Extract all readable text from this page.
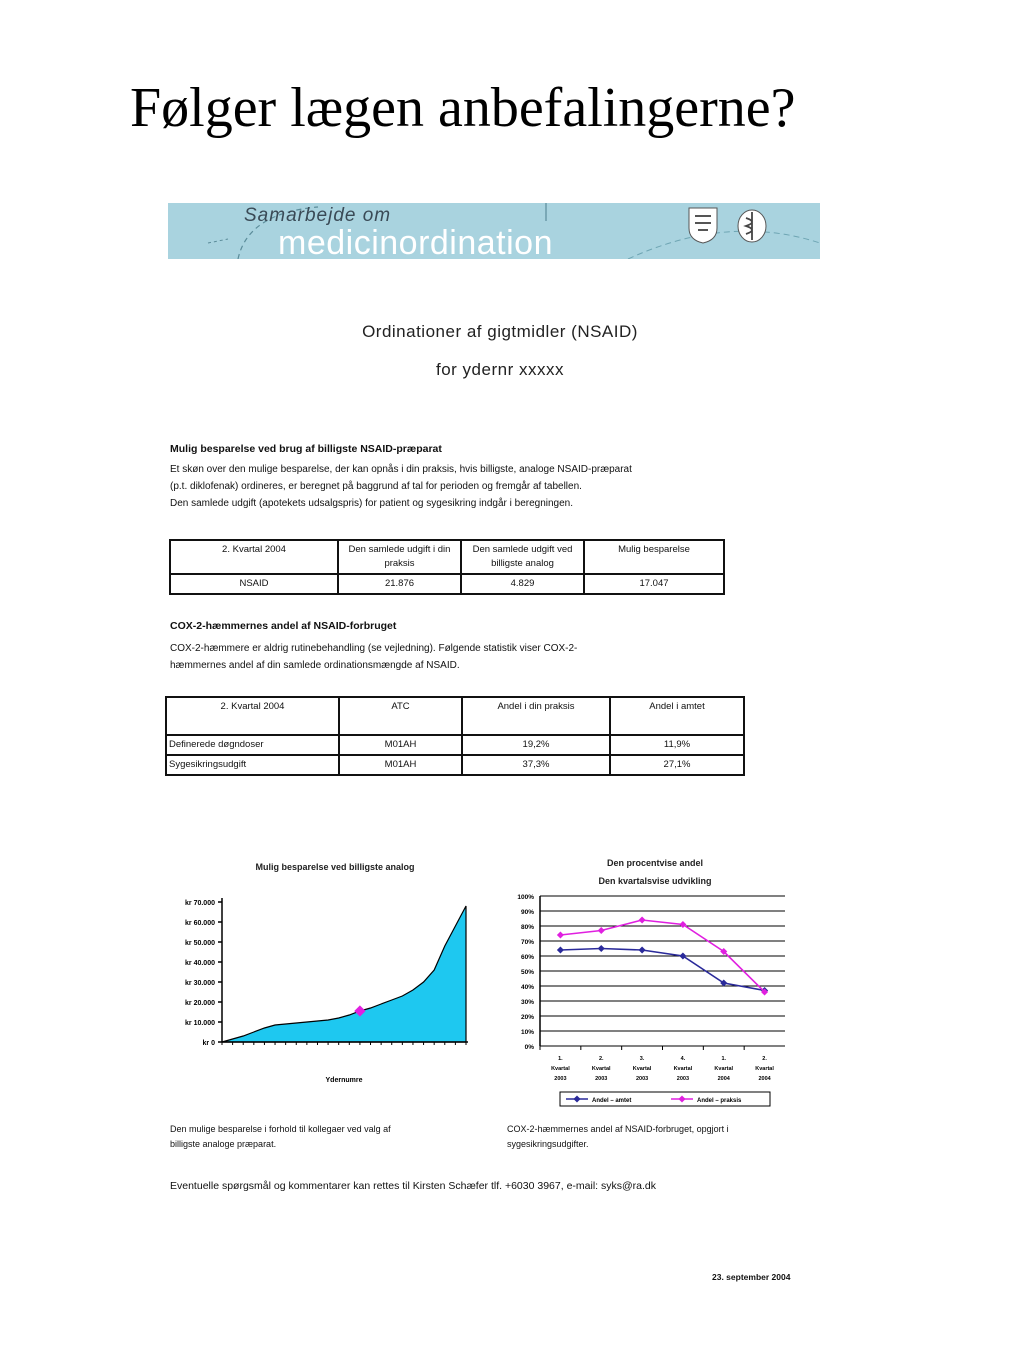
Følger lægen anbefalingerne?
Samarbejde om
medicinordination
Ordinationer af gigtmidler (NSAID)
for ydernr xxxxx
Mulig besparelse ved brug af billigste NSAID-præparat
Et skøn over den mulige besparelse, der kan opnås i din praksis, hvis billigste, analoge NSAID-præparat
(p.t. diklofenak) ordineres, er beregnet på baggrund af tal for perioden og fremgår af tabellen.
Den samlede udgift (apotekets udsalgspris) for patient og sygesikring indgår i beregningen.
2. Kvartal 2004	Den samlede udgift i din praksis	Den samlede udgift ved billigste analog	Mulig besparelse
NSAID	21.876	4.829	17.047
COX-2-hæmmernes andel af NSAID-forbruget
COX-2-hæmmere er aldrig rutinebehandling (se vejledning). Følgende statistik viser COX-2-
hæmmernes andel af din samlede ordinationsmængde af NSAID.
2. Kvartal 2004	ATC	Andel i din praksis	Andel i amtet
Definerede døgndoser	M01AH	19,2%	11,9%
Sygesikringsudgift	M01AH	37,3%	27,1%
Mulig besparelse ved billigste analog
kr 70.000
kr 60.000
kr 50.000
kr 40.000
kr 30.000
kr 20.000
kr 10.000
kr 0
Ydernumre
Den mulige besparelse i forhold til kollegaer ved valg af
billigste analoge præparat.
Den procentvise andel
Den kvartalsvise udvikling
100%
90%
80%
70%
60%
50%
40%
30%
20%
10%
0%
1.
Kvartal
2003
2.
Kvartal
2003
3.
Kvartal
2003
4.
Kvartal
2003
1.
Kvartal
2004
2.
Kvartal
2004
Andel – amtet	Andel – praksis
COX-2-hæmmernes andel af NSAID-forbruget, opgjort i
sygesikringsudgifter.
Eventuelle spørgsmål og kommentarer kan rettes til Kirsten Schæfer tlf. +6030 3967, e-mail: syks@ra.dk
23. september 2004
